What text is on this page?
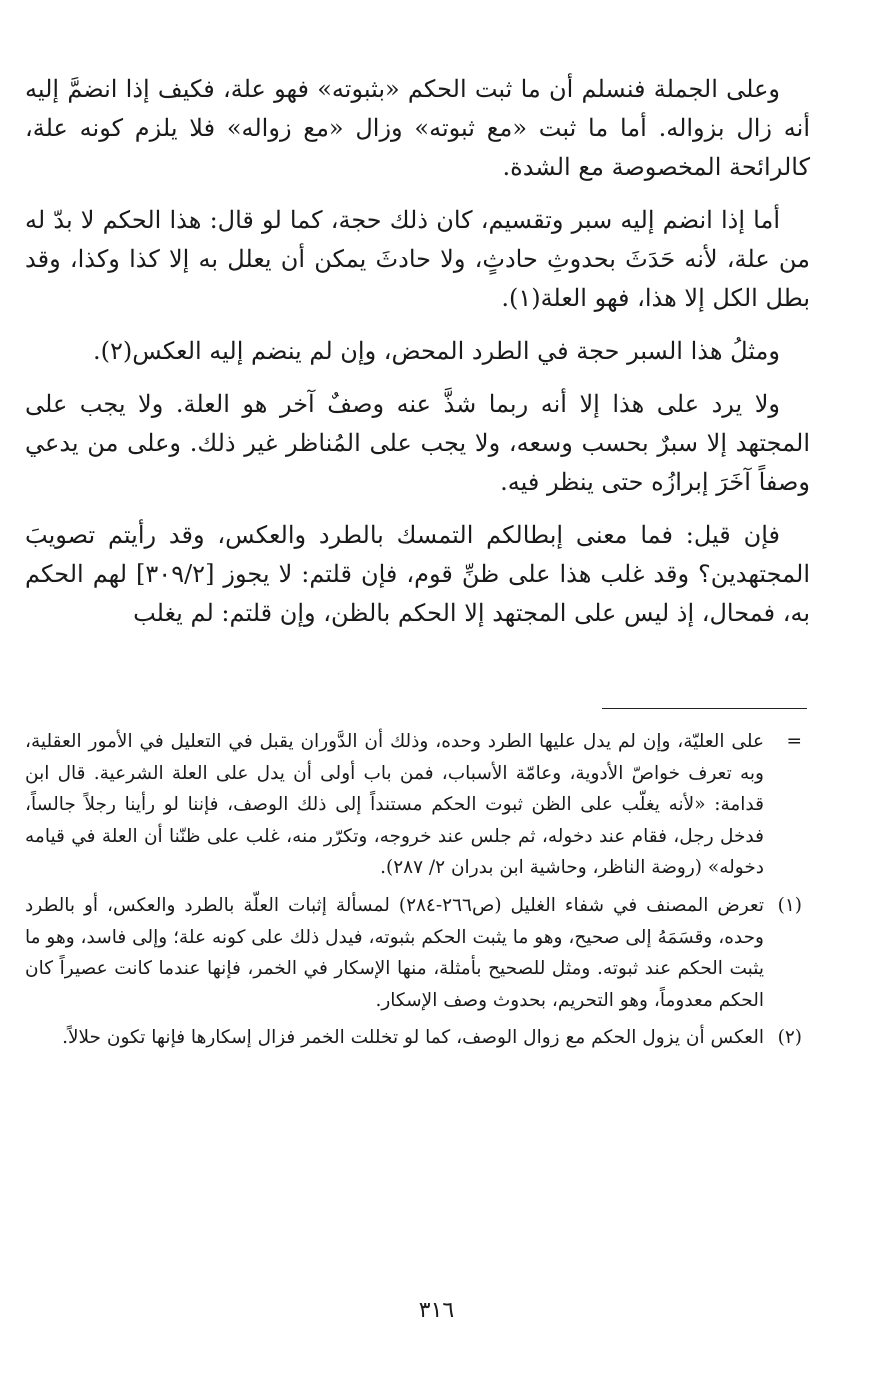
وعلى الجملة فنسلم أن ما ثبت الحكم «بثبوته» فهو علة، فكيف إذا انضمَّ إليه أنه زال بزواله. أما ما ثبت «مع ثبوته» وزال «مع زواله» فلا يلزم كونه علة، كالرائحة المخصوصة مع الشدة.

أما إذا انضم إليه سبر وتقسيم، كان ذلك حجة، كما لو قال: هذا الحكم لا بدّ له من علة، لأنه حَدَثَ بحدوثِ حادثٍ، ولا حادثَ يمكن أن يعلل به إلا كذا وكذا، وقد بطل الكل إلا هذا، فهو العلة(١).

ومثلُ هذا السبر حجة في الطرد المحض، وإن لم ينضم إليه العكس(٢).

ولا يرد على هذا إلا أنه ربما شذَّ عنه وصفٌ آخر هو العلة. ولا يجب على المجتهد إلا سبرٌ بحسب وسعه، ولا يجب على المُناظر غير ذلك. وعلى من يدعي وصفاً آخَرَ إبرازُه حتى ينظر فيه.

فإن قيل: فما معنى إبطالكم التمسك بالطرد والعكس، وقد رأيتم تصويبَ المجتهدين؟ وقد غلب هذا على ظنِّ قوم، فإن قلتم: لا يجوز [٣٠٩/٢] لهم الحكم به، فمحال، إذ ليس على المجتهد إلا الحكم بالظن، وإن قلتم: لم يغلب

=
على العليّة، وإن لم يدل عليها الطرد وحده، وذلك أن الدَّوران يقبل في التعليل في الأمور العقلية، وبه تعرف خواصّ الأدوية، وعامّة الأسباب، فمن باب أولى أن يدل على العلة الشرعية. قال ابن قدامة: «لأنه يغلّب على الظن ثبوت الحكم مستنداً إلى ذلك الوصف، فإننا لو رأينا رجلاً جالساً، فدخل رجل، فقام عند دخوله، ثم جلس عند خروجه، وتكرّر منه، غلب على ظنّنا أن العلة في قيامه دخوله» (روضة الناظر، وحاشية ابن بدران ٢/ ٢٨٧).
(١)
تعرض المصنف في شفاء الغليل (ص٢٦٦-٢٨٤) لمسألة إثبات العلّة بالطرد والعكس، أو بالطرد وحده، وقسَمَهُ إلى صحيح، وهو ما يثبت الحكم بثبوته، فيدل ذلك على كونه علة؛ وإلى فاسد، وهو ما يثبت الحكم عند ثبوته. ومثل للصحيح بأمثلة، منها الإسكار في الخمر، فإنها عندما كانت عصيراً كان الحكم معدوماً، وهو التحريم، بحدوث وصف الإسكار.
(٢)
العكس أن يزول الحكم مع زوال الوصف، كما لو تخللت الخمر فزال إسكارها فإنها تكون حلالاً.
٣١٦
